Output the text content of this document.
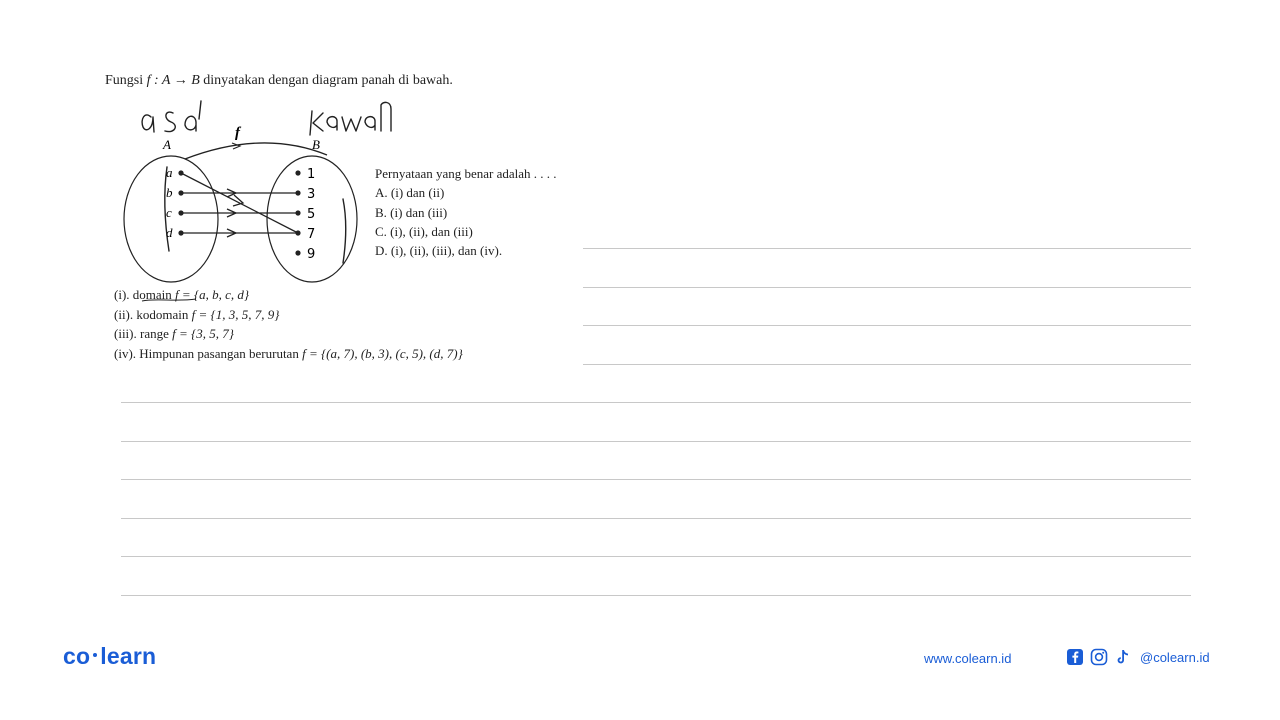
Fungsi f : A → B dinyatakan dengan diagram panah di bawah.
f
A	B
a
b
c
d
1
3
5
7
9
Pernyataan yang benar adalah . . . .
A. (i) dan (ii)
B. (i) dan (iii)
C. (i), (ii), dan (iii)
D. (i), (ii), (iii), dan (iv).
(i). domain f = {a, b, c, d}
(ii). kodomain f = {1, 3, 5, 7, 9}
(iii). range f = {3, 5, 7}
(iv). Himpunan pasangan berurutan f = {(a, 7), (b, 3), (c, 5), (d, 7)}
co learn	www.colearn.id	@colearn.id
